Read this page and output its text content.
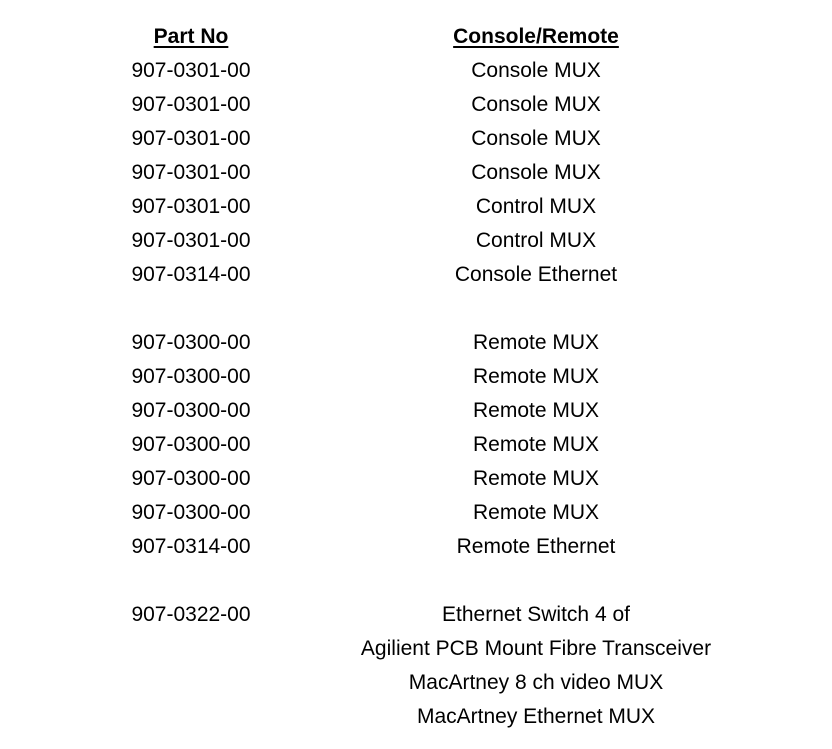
Part No	Console/Remote
907-0301-00	Console MUX
907-0301-00	Console MUX
907-0301-00	Console MUX
907-0301-00	Console MUX
907-0301-00	Control MUX
907-0301-00	Control MUX
907-0314-00	Console Ethernet
907-0300-00	Remote MUX
907-0300-00	Remote MUX
907-0300-00	Remote MUX
907-0300-00	Remote MUX
907-0300-00	Remote MUX
907-0300-00	Remote MUX
907-0314-00	Remote Ethernet
907-0322-00	Ethernet Switch 4 of
Agilient PCB Mount Fibre Transceiver
MacArtney 8 ch video MUX
MacArtney Ethernet MUX
